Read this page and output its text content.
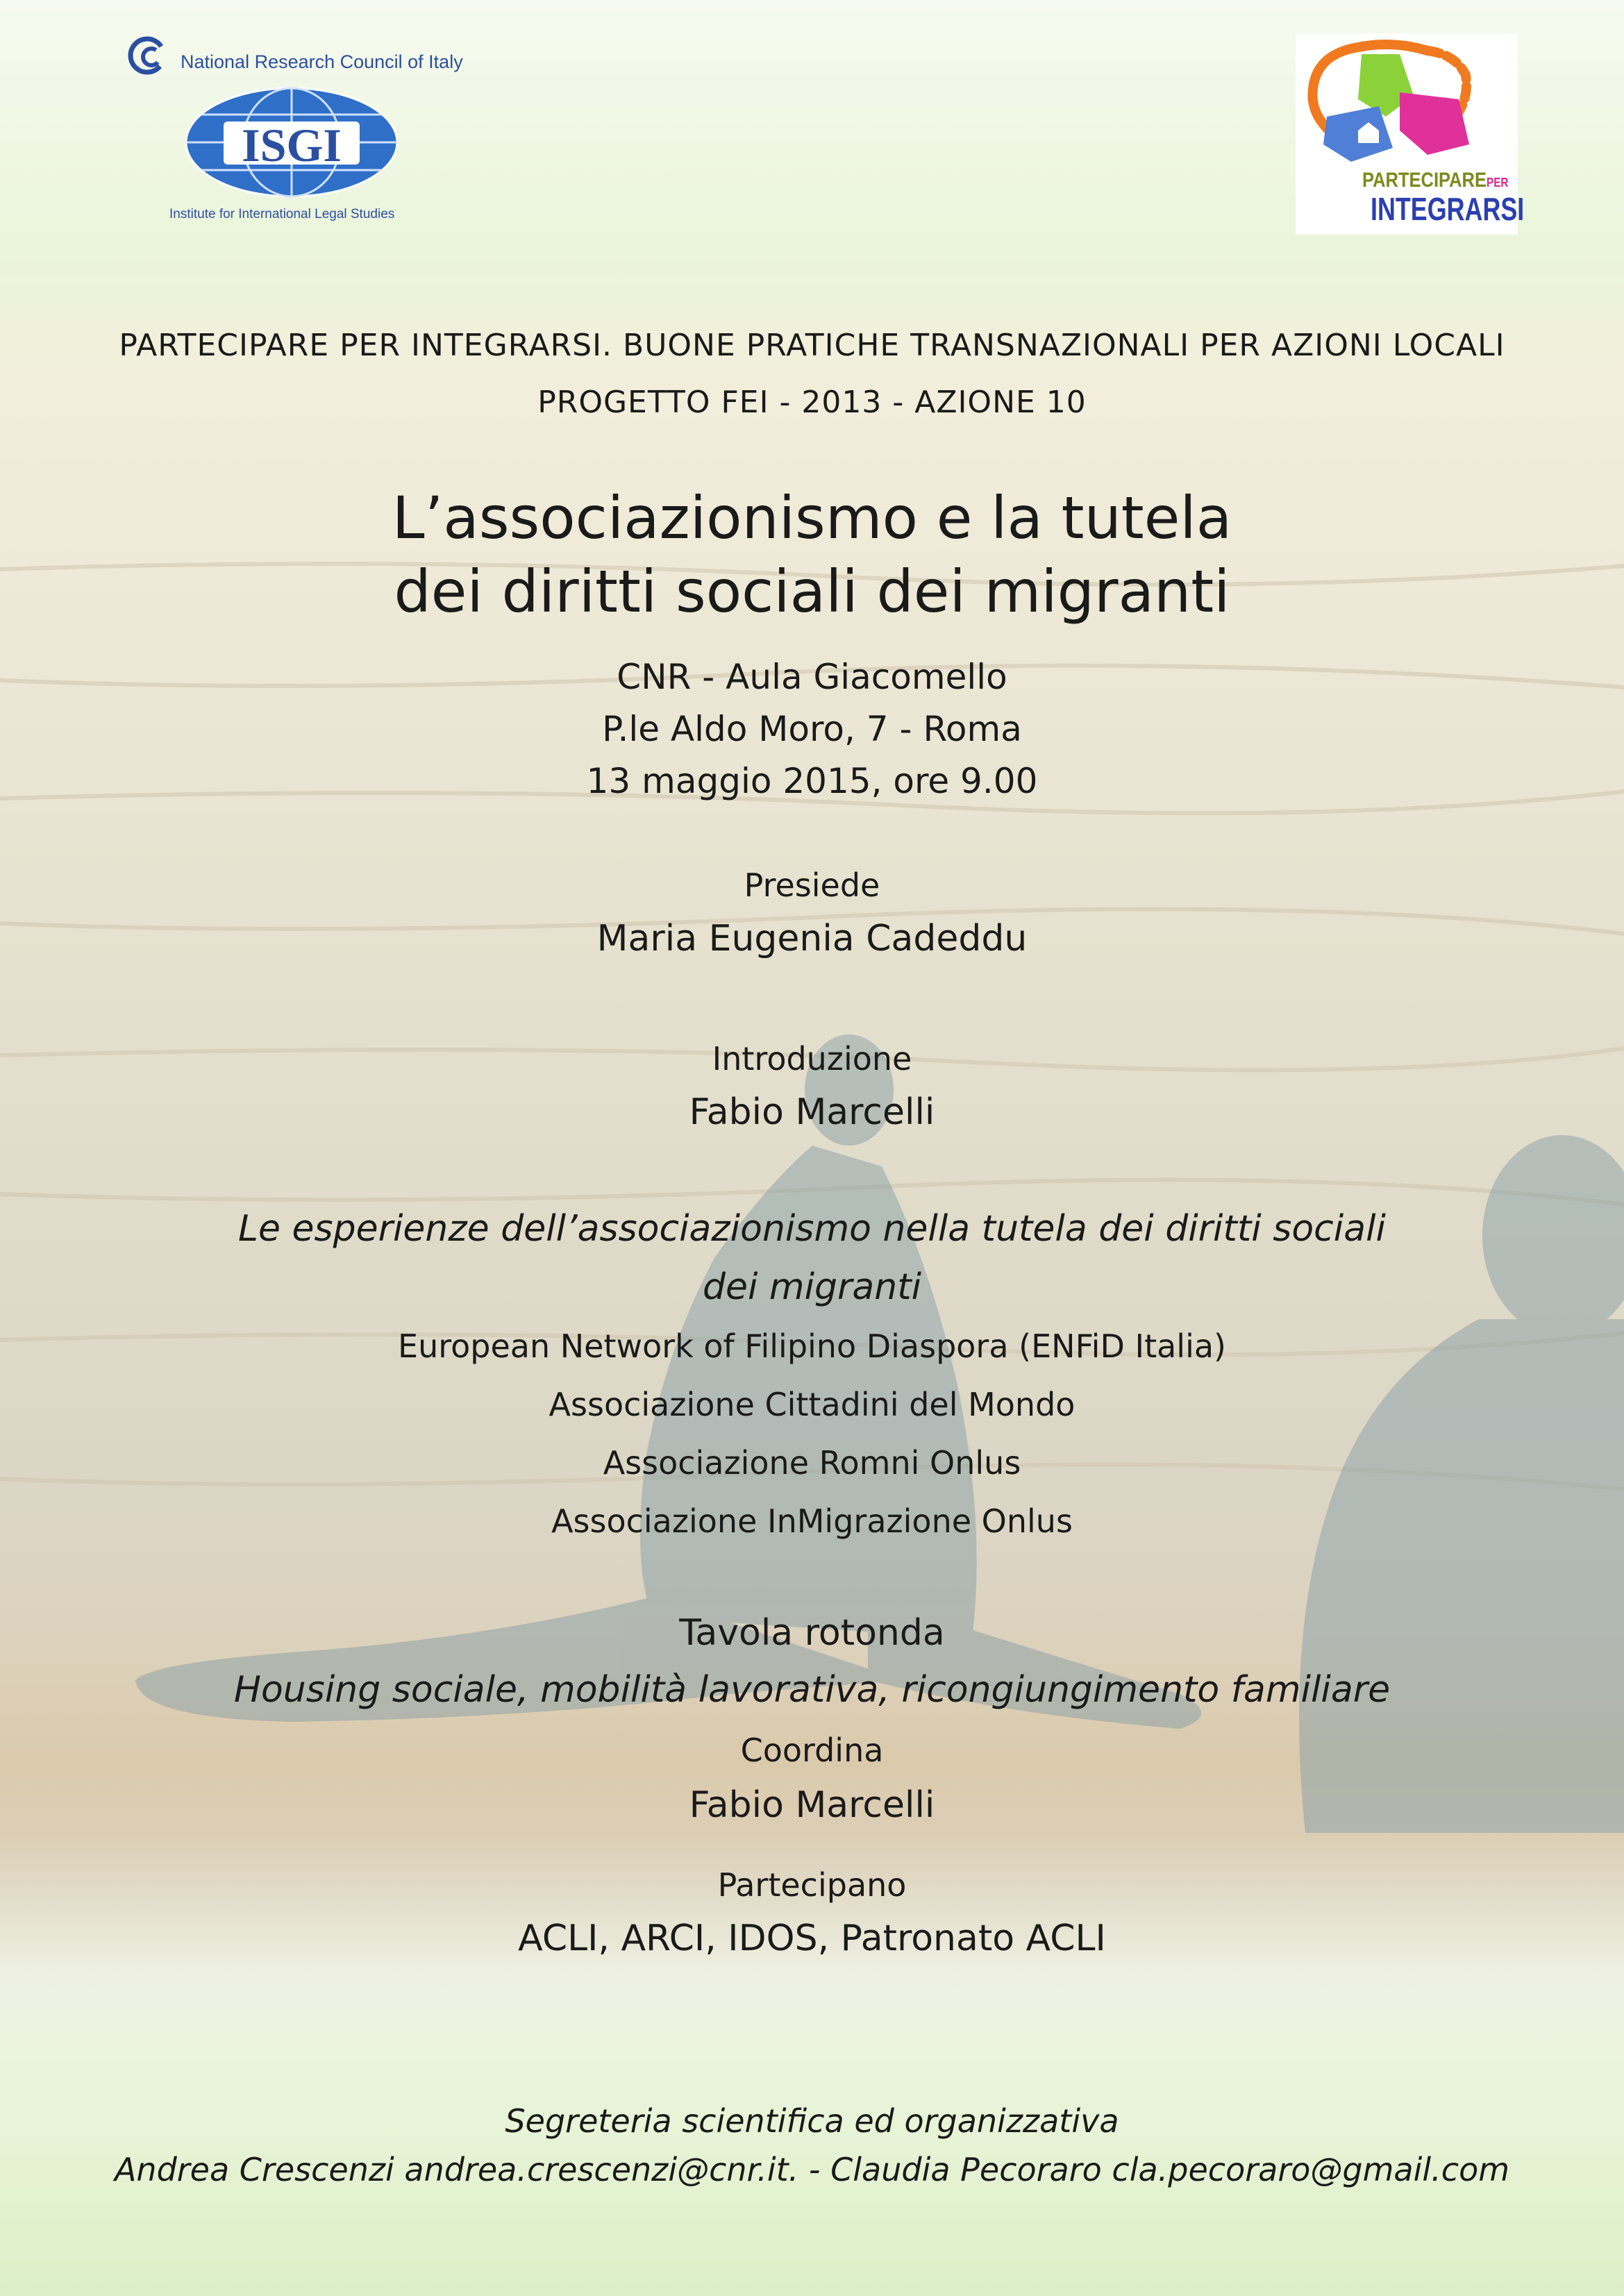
National Research Council of Italy
ISGI
Institute for International Legal Studies
PARTECIPAREPER
INTEGRARSI
PARTECIPARE PER INTEGRARSI. BUONE PRATICHE TRANSNAZIONALI PER AZIONI LOCALI
PROGETTO FEI - 2013 - AZIONE 10
L’associazionismo e la tutela
dei diritti sociali dei migranti
CNR - Aula Giacomello
P.le Aldo Moro, 7 - Roma
13 maggio 2015, ore 9.00
Presiede
Maria Eugenia Cadeddu
Introduzione
Fabio Marcelli
Le esperienze dell’associazionismo nella tutela dei diritti sociali
dei migranti
European Network of Filipino Diaspora (ENFiD Italia)
Associazione Cittadini del Mondo
Associazione Romni Onlus
Associazione InMigrazione Onlus
Tavola rotonda
Housing sociale, mobilità lavorativa, ricongiungimento familiare
Coordina
Fabio Marcelli
Partecipano
ACLI, ARCI, IDOS, Patronato ACLI
Segreteria scientifica ed organizzativa
Andrea Crescenzi andrea.crescenzi@cnr.it. - Claudia Pecoraro cla.pecoraro@gmail.com
